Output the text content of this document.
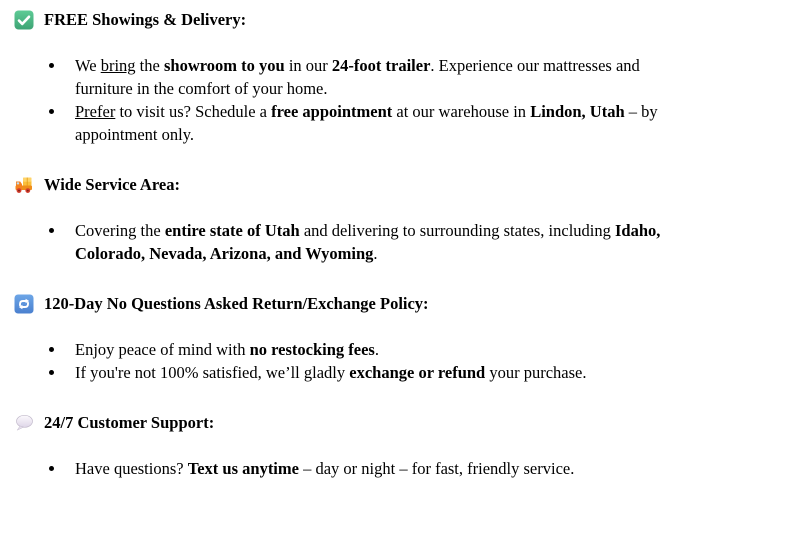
FREE Showings & Delivery:
We bring the showroom to you in our 24-foot trailer. Experience our mattresses and
furniture in the comfort of your home.
Prefer to visit us? Schedule a free appointment at our warehouse in Lindon, Utah – by
appointment only.
Wide Service Area:
Covering the entire state of Utah and delivering to surrounding states, including Idaho,
Colorado, Nevada, Arizona, and Wyoming.
120-Day No Questions Asked Return/Exchange Policy:
Enjoy peace of mind with no restocking fees.
If you're not 100% satisfied, we’ll gladly exchange or refund your purchase.
24/7 Customer Support:
Have questions? Text us anytime – day or night – for fast, friendly service.
